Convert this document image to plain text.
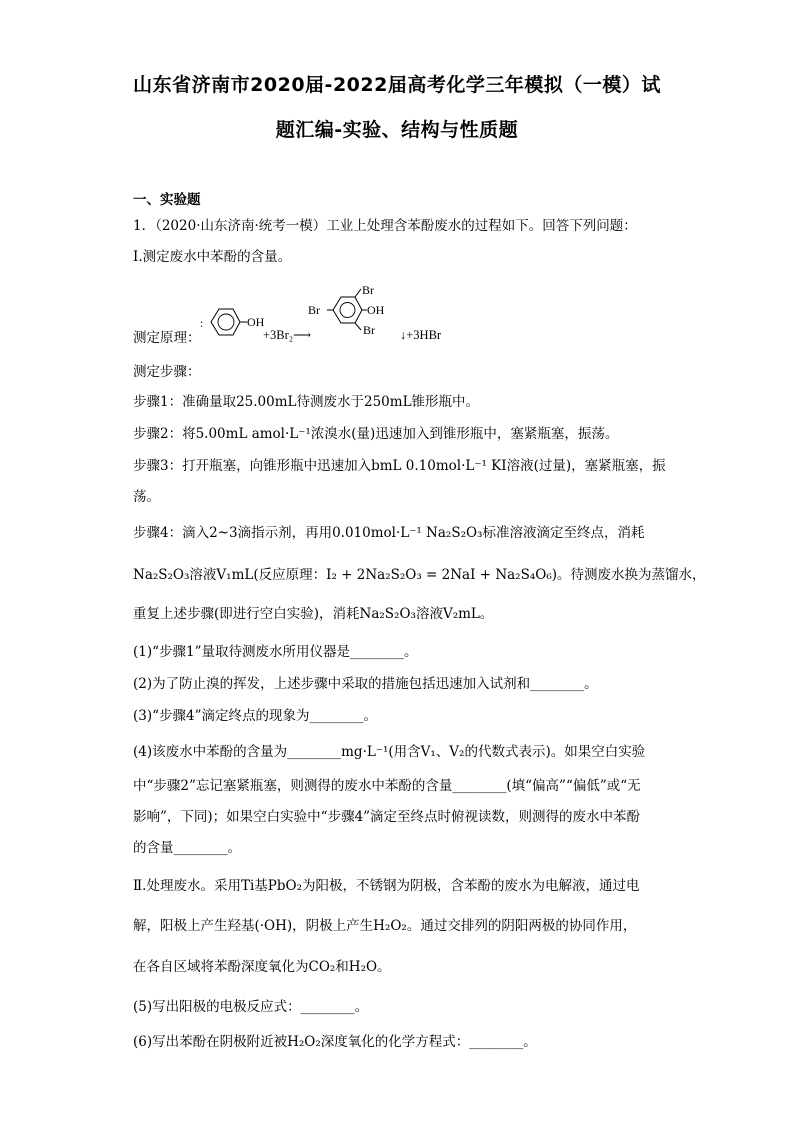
山东省济南市2020届-2022届高考化学三年模拟（一模）试
题汇编-实验、结构与性质题
一、实验题
1．（2020·山东济南·统考一模）工业上处理含苯酚废水的过程如下。回答下列问题：
Ⅰ.测定废水中苯酚的含量。
测定原理：
:	OH
+3Br₂⟶
Br
OH
Br
Br ↓+3HBr
测定步骤：
步骤1：准确量取25.00mL待测废水于250mL锥形瓶中。
步骤2：将5.00mL amol·L⁻¹浓溴水(量)迅速加入到锥形瓶中，塞紧瓶塞，振荡。
步骤3：打开瓶塞，向锥形瓶中迅速加入bmL 0.10mol·L⁻¹ KI溶液(过量)，塞紧瓶塞，振
荡。
步骤4：滴入2~3滴指示剂，再用0.010mol·L⁻¹ Na₂S₂O₃标准溶液滴定至终点，消耗
Na₂S₂O₃溶液V₁mL(反应原理：I₂ + 2Na₂S₂O₃ = 2NaI + Na₂S₄O₆)。待测废水换为蒸馏水，
重复上述步骤(即进行空白实验)，消耗Na₂S₂O₃溶液V₂mL。
(1)“步骤1”量取待测废水所用仪器是________。
(2)为了防止溴的挥发，上述步骤中采取的措施包括迅速加入试剂和________。
(3)“步骤4”滴定终点的现象为________。
(4)该废水中苯酚的含量为________mg·L⁻¹(用含V₁、V₂的代数式表示)。如果空白实验
中“步骤2”忘记塞紧瓶塞，则测得的废水中苯酚的含量________(填“偏高”“偏低”或“无
影响”，下同)；如果空白实验中“步骤4”滴定至终点时俯视读数，则测得的废水中苯酚
的含量________。
Ⅱ.处理废水。采用Ti基PbO₂为阳极，不锈钢为阴极，含苯酚的废水为电解液，通过电
解，阳极上产生羟基(·OH)，阴极上产生H₂O₂。通过交排列的阴阳两极的协同作用，
在各自区域将苯酚深度氧化为CO₂和H₂O。
(5)写出阳极的电极反应式：________。
(6)写出苯酚在阴极附近被H₂O₂深度氧化的化学方程式：________。
